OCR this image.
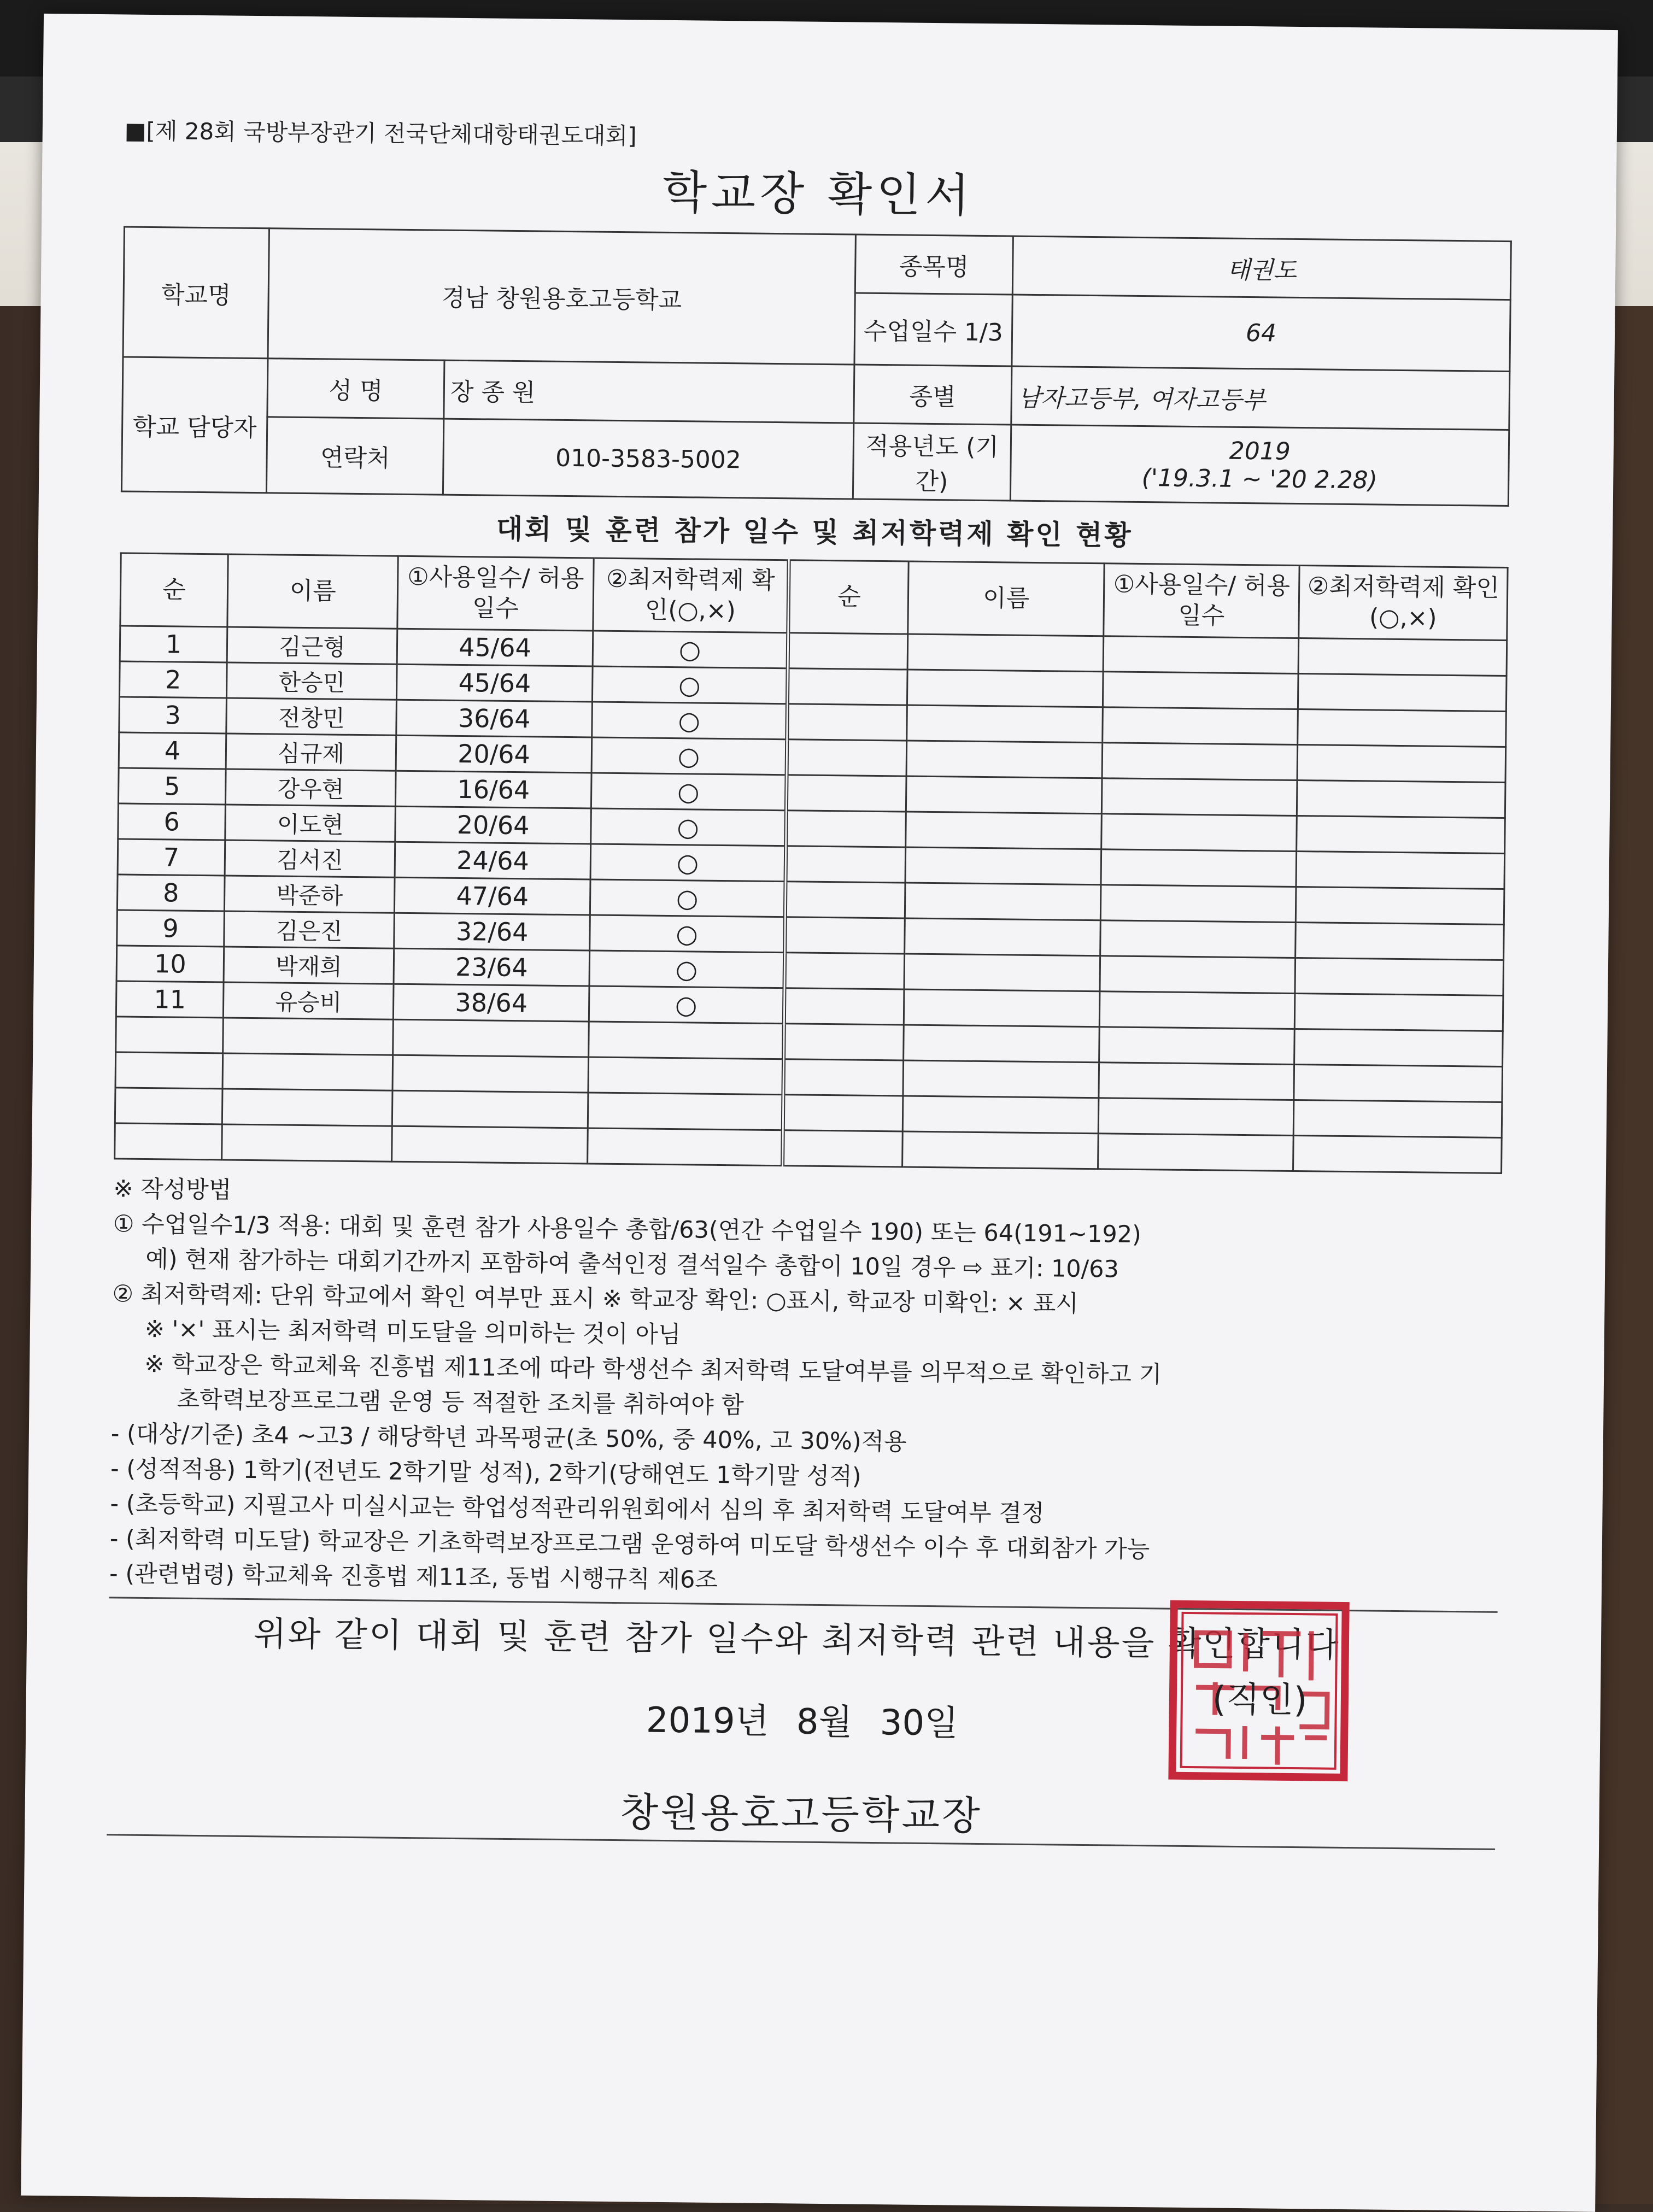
■[제 28회 국방부장관기 전국단체대항태권도대회]
학교장 확인서
학교명	경남 창원용호고등학교		종목명	태권도
			수업일수 1/3	64
학교 담당자	성 명	장 종 원	종별	남자고등부, 여자고등부
	연락처	010-3583-5002	적용년도 (기간)	2019
('19.3.1 ~ '20 2.28)
대회 및 훈련 참가 일수 및 최저학력제 확인 현황
순	이름	①사용일수/ 허용일수	②최저학력제 확인(○,×)	순	이름	①사용일수/ 허용일수	②최저학력제 확인(○,×)
1	김근형	45/64	○				
2	한승민	45/64	○				
3	전창민	36/64	○				
4	심규제	20/64	○				
5	강우현	16/64	○				
6	이도현	20/64	○				
7	김서진	24/64	○				
8	박준하	47/64	○				
9	김은진	32/64	○				
10	박재희	23/64	○				
11	유승비	38/64	○				

※ 작성방법
① 수업일수1/3 적용: 대회 및 훈련 참가 사용일수 총합/63(연간 수업일수 190) 또는 64(191~192)
예) 현재 참가하는 대회기간까지 포함하여 출석인정 결석일수 총합이 10일 경우 ⇨ 표기: 10/63
② 최저학력제: 단위 학교에서 확인 여부만 표시 ※ 학교장 확인: ○표시, 학교장 미확인: × 표시
※ '×' 표시는 최저학력 미도달을 의미하는 것이 아님
※ 학교장은 학교체육 진흥법 제11조에 따라 학생선수 최저학력 도달여부를 의무적으로 확인하고 기
초학력보장프로그램 운영 등 적절한 조치를 취하여야 함
- (대상/기준) 초4 ~고3 / 해당학년 과목평균(초 50%, 중 40%, 고 30%)적용
- (성적적용) 1학기(전년도 2학기말 성적), 2학기(당해연도 1학기말 성적)
- (초등학교) 지필고사 미실시교는 학업성적관리위원회에서 심의 후 최저학력 도달여부 결정
- (최저학력 미도달) 학교장은 기초학력보장프로그램 운영하여 미도달 학생선수 이수 후 대회참가 가능
- (관련법령) 학교체육 진흥법 제11조, 동법 시행규칙 제6조
위와 같이 대회 및 훈련 참가 일수와 최저학력 관련 내용을 확인합니다.
2019년 8월 30일
창원용호고등학교장
(직인)
